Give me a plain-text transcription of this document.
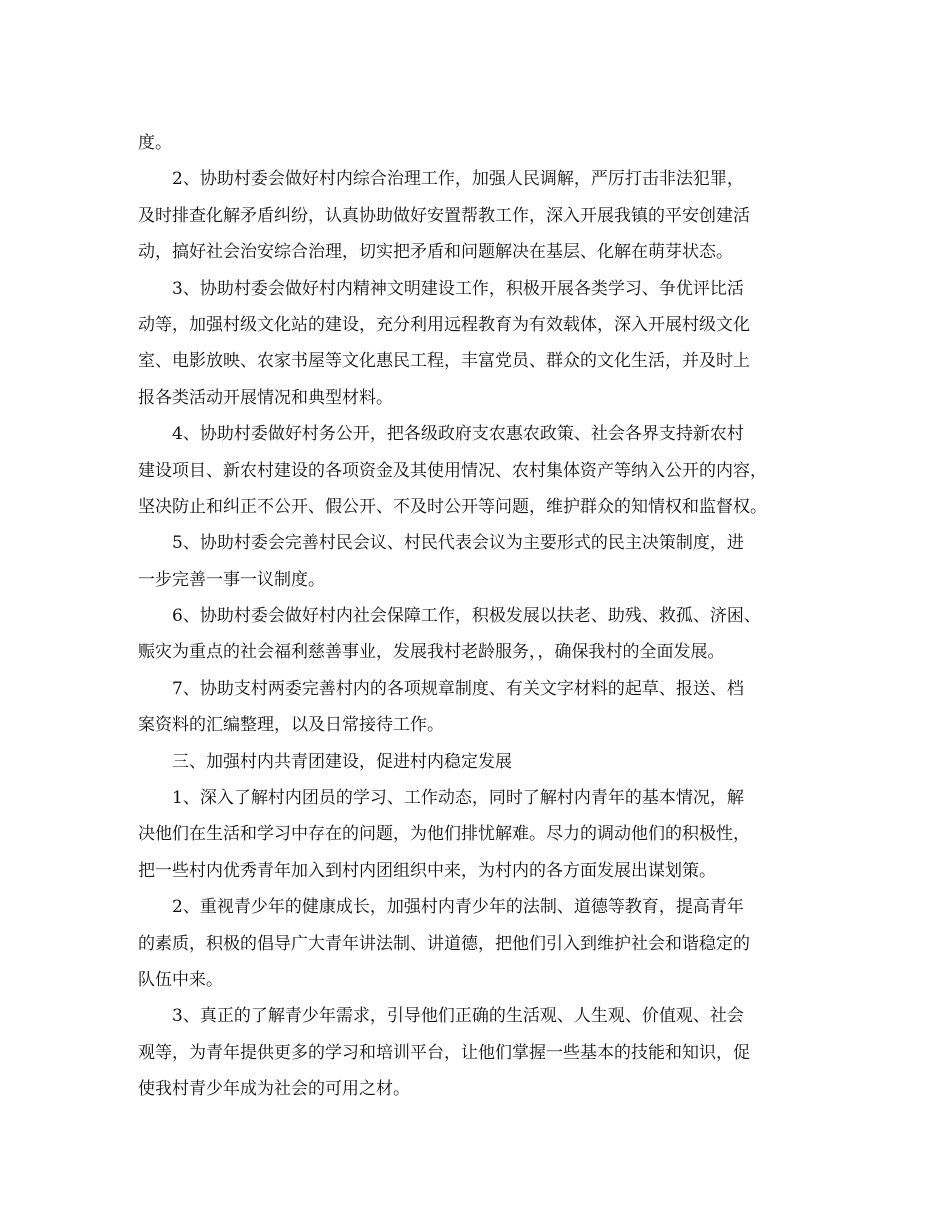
度。
2、协助村委会做好村内综合治理工作，加强人民调解，严厉打击非法犯罪，
及时排查化解矛盾纠纷，认真协助做好安置帮教工作，深入开展我镇的平安创建活
动，搞好社会治安综合治理，切实把矛盾和问题解决在基层、化解在萌芽状态。
3、协助村委会做好村内精神文明建设工作，积极开展各类学习、争优评比活
动等，加强村级文化站的建设，充分利用远程教育为有效载体，深入开展村级文化
室、电影放映、农家书屋等文化惠民工程，丰富党员、群众的文化生活，并及时上
报各类活动开展情况和典型材料。
4、协助村委做好村务公开，把各级政府支农惠农政策、社会各界支持新农村
建设项目、新农村建设的各项资金及其使用情况、农村集体资产等纳入公开的内容，
坚决防止和纠正不公开、假公开、不及时公开等问题，维护群众的知情权和监督权。
5、协助村委会完善村民会议、村民代表会议为主要形式的民主决策制度，进
一步完善一事一议制度。
6、协助村委会做好村内社会保障工作，积极发展以扶老、助残、救孤、济困、
赈灾为重点的社会福利慈善事业，发展我村老龄服务，，确保我村的全面发展。
7、协助支村两委完善村内的各项规章制度、有关文字材料的起草、报送、档
案资料的汇编整理，以及日常接待工作。
三、加强村内共青团建设，促进村内稳定发展
1、深入了解村内团员的学习、工作动态，同时了解村内青年的基本情况，解
决他们在生活和学习中存在的问题，为他们排忧解难。尽力的调动他们的积极性，
把一些村内优秀青年加入到村内团组织中来，为村内的各方面发展出谋划策。
2、重视青少年的健康成长，加强村内青少年的法制、道德等教育，提高青年
的素质，积极的倡导广大青年讲法制、讲道德，把他们引入到维护社会和谐稳定的
队伍中来。
3、真正的了解青少年需求，引导他们正确的生活观、人生观、价值观、社会
观等，为青年提供更多的学习和培训平台，让他们掌握一些基本的技能和知识，促
使我村青少年成为社会的可用之材。
